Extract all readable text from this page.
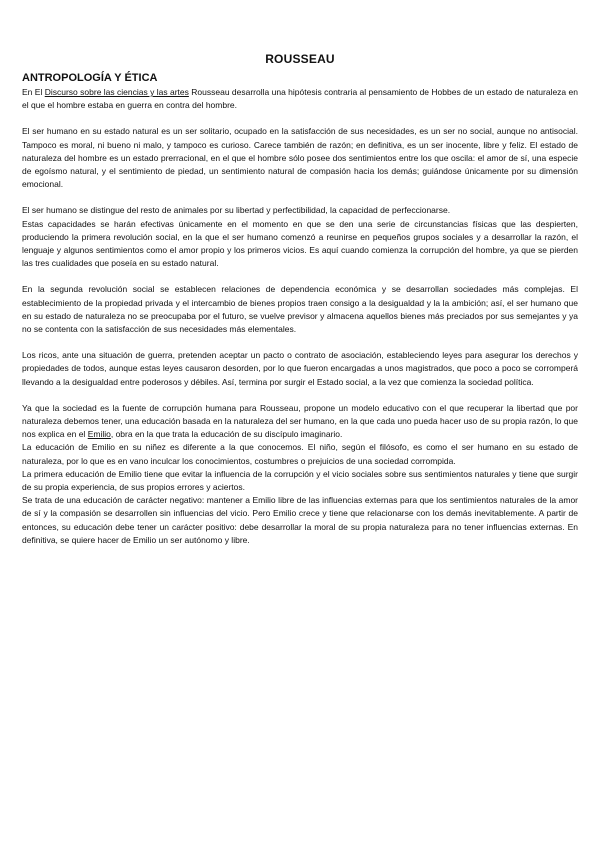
ROUSSEAU
ANTROPOLOGÍA Y ÉTICA

En El Discurso sobre las ciencias y las artes Rousseau desarrolla una hipótesis contraria al pensamiento de Hobbes de un estado de naturaleza en el que el hombre estaba en guerra en contra del hombre.

El ser humano en su estado natural es un ser solitario, ocupado en la satisfacción de sus necesidades, es un ser no social, aunque no antisocial. Tampoco es moral, ni bueno ni malo, y tampoco es curioso. Carece también de razón; en definitiva, es un ser inocente, libre y feliz. El estado de naturaleza del hombre es un estado prerracional, en el que el hombre sólo posee dos sentimientos entre los que oscila: el amor de sí, una especie de egoísmo natural, y el sentimiento de piedad, un sentimiento natural de compasión hacia los demás; guiándose únicamente por su dimensión emocional.

El ser humano se distingue del resto de animales por su libertad y perfectibilidad, la capacidad de perfeccionarse.

Estas capacidades se harán efectivas únicamente en el momento en que se den una serie de circunstancias físicas que las despierten, produciendo la primera revolución social, en la que el ser humano comenzó a reunirse en pequeños grupos sociales y a desarrollar la razón, el lenguaje y algunos sentimientos como el amor propio y los primeros vicios. Es aquí cuando comienza la corrupción del hombre, ya que se pierden las tres cualidades que poseía en su estado natural.

En la segunda revolución social se establecen relaciones de dependencia económica y se desarrollan sociedades más complejas. El establecimiento de la propiedad privada y el intercambio de bienes propios traen consigo a la desigualdad y la la ambición; así, el ser humano que en su estado de naturaleza no se preocupaba por el futuro, se vuelve previsor y almacena aquellos bienes más preciados por sus semejantes y ya no se contenta con la satisfacción de sus necesidades más elementales.

Los ricos, ante una situación de guerra, pretenden aceptar un pacto o contrato de asociación, estableciendo leyes para asegurar los derechos y propiedades de todos, aunque estas leyes causaron desorden, por lo que fueron encargadas a unos magistrados, que poco a poco se corromperá llevando a la desigualdad entre poderosos y débiles. Así, termina por surgir el Estado social, a la vez que comienza la sociedad política.

Ya que la sociedad es la fuente de corrupción humana para Rousseau, propone un modelo educativo con el que recuperar la libertad que por naturaleza debemos tener, una educación basada en la naturaleza del ser humano, en la que cada uno pueda hacer uso de su propia razón, lo que nos explica en el Emilio, obra en la que trata la educación de su discípulo imaginario.

La educación de Emilio en su niñez es diferente a la que conocemos. El niño, según el filósofo, es como el ser humano en su estado de naturaleza, por lo que es en vano inculcar los conocimientos, costumbres o prejuicios de una sociedad corrompida.

La primera educación de Emilio tiene que evitar la influencia de la corrupción y el vicio sociales sobre sus sentimientos naturales y tiene que surgir de su propia experiencia, de sus propios errores y aciertos.

Se trata de una educación de carácter negativo: mantener a Emilio libre de las influencias externas para que los sentimientos naturales de la amor de sí y la compasión se desarrollen sin influencias del vicio. Pero Emilio crece y tiene que relacionarse con los demás inevitablemente. A partir de entonces, su educación debe tener un carácter positivo: debe desarrollar la moral de su propia naturaleza para no tener influencias externas. En definitiva, se quiere hacer de Emilio un ser autónomo y libre.
